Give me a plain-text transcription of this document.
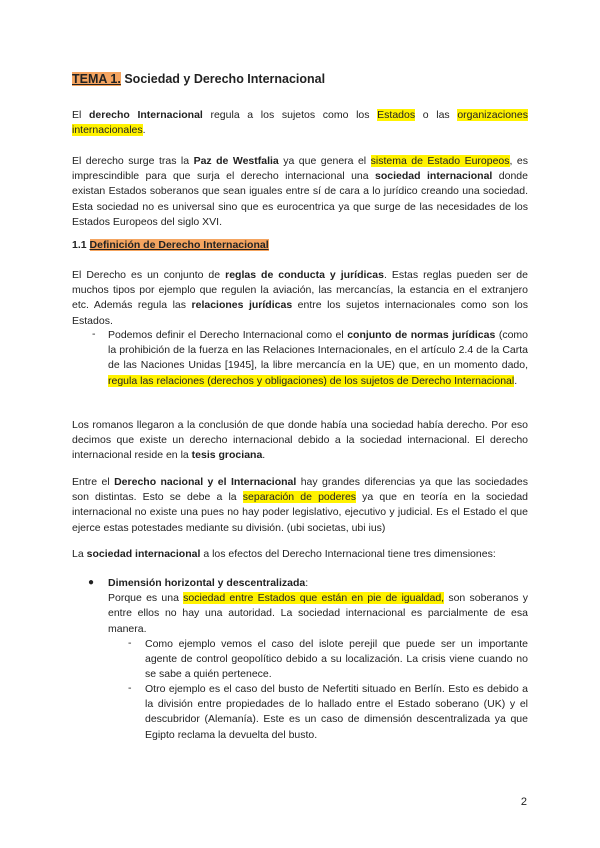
TEMA 1. Sociedad y Derecho Internacional

El derecho Internacional regula a los sujetos como los Estados o las organizaciones internacionales.

El derecho surge tras la Paz de Westfalia ya que genera el sistema de Estado Europeos, es imprescindible para que surja el derecho internacional una sociedad internacional donde existan Estados soberanos que sean iguales entre sí de cara a lo jurídico creando una sociedad. Esta sociedad no es universal sino que es eurocentrica ya que surge de las necesidades de los Estados Europeos del siglo XVI.

1.1 Definición de Derecho Internacional

El Derecho es un conjunto de reglas de conducta y jurídicas. Estas reglas pueden ser de muchos tipos por ejemplo que regulen la aviación, las mercancías, la estancia en el extranjero etc. Además regula las relaciones jurídicas entre los sujetos internacionales como son los Estados.

- Podemos definir el Derecho Internacional como el conjunto de normas jurídicas (como la prohibición de la fuerza en las Relaciones Internacionales, en el artículo 2.4 de la Carta de las Naciones Unidas [1945], la libre mercancía en la UE) que, en un momento dado, regula las relaciones (derechos y obligaciones) de los sujetos de Derecho Internacional.

Los romanos llegaron a la conclusión de que donde había una sociedad había derecho. Por eso decimos que existe un derecho internacional debido a la sociedad internacional. El derecho internacional reside en la tesis grociana.

Entre el Derecho nacional y el Internacional hay grandes diferencias ya que las sociedades son distintas. Esto se debe a la separación de poderes ya que en teoría en la sociedad internacional no existe una pues no hay poder legislativo, ejecutivo y judicial. Es el Estado el que ejerce estas potestades mediante su división. (ubi societas, ubi ius)

La sociedad internacional a los efectos del Derecho Internacional tiene tres dimensiones:

● Dimensión horizontal y descentralizada:
Porque es una sociedad entre Estados que están en pie de igualdad, son soberanos y entre ellos no hay una autoridad. La sociedad internacional es parcialmente de esa manera.

- Como ejemplo vemos el caso del islote perejil que puede ser un importante agente de control geopolítico debido a su localización. La crisis viene cuando no se sabe a quién pertenece.

- Otro ejemplo es el caso del busto de Nefertiti situado en Berlín. Esto es debido a la división entre propiedades de lo hallado entre el Estado soberano (UK) y el descubridor (Alemanía). Este es un caso de dimensión descentralizada ya que Egipto reclama la devuelta del busto.

2
